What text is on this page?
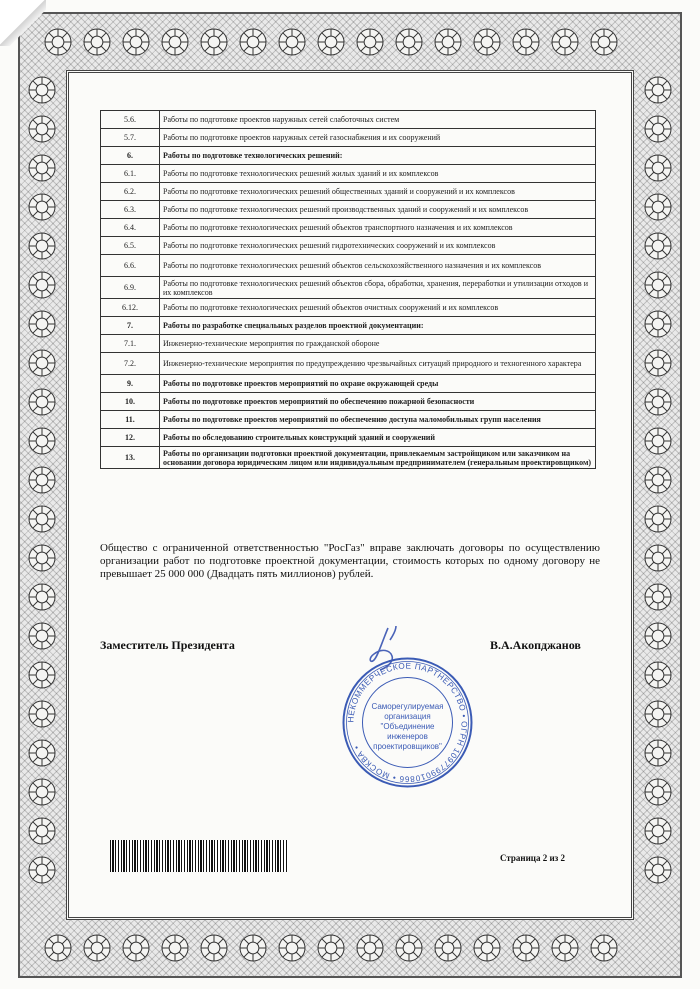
5.6.	Работы по подготовке проектов наружных сетей слаботочных систем
5.7.	Работы по подготовке проектов наружных сетей газоснабжения и их сооружений
6.	Работы по подготовке технологических решений:
6.1.	Работы по подготовке технологических решений жилых зданий и их комплексов
6.2.	Работы по подготовке технологических решений общественных зданий и сооружений и их комплексов
6.3.	Работы по подготовке технологических решений производственных зданий и сооружений и их комплексов
6.4.	Работы по подготовке технологических решений объектов транспортного назначения и их комплексов
6.5.	Работы по подготовке технологических решений гидротехнических сооружений и их комплексов
6.6.	Работы по подготовке технологических решений объектов сельскохозяйственного назначения и их комплексов
6.9.	Работы по подготовке технологических решений объектов сбора, обработки, хранения, переработки и утилизации отходов и их комплексов
6.12.	Работы по подготовке технологических решений объектов очистных сооружений и их комплексов
7.	Работы по разработке специальных разделов проектной документации:
7.1.	Инженерно-технические мероприятия по гражданской обороне
7.2.	Инженерно-технические мероприятия по предупреждению чрезвычайных ситуаций природного и техногенного характера
9.	Работы по подготовке проектов мероприятий по охране окружающей среды
10.	Работы по подготовке проектов мероприятий по обеспечению пожарной безопасности
11.	Работы по подготовке проектов мероприятий по обеспечению доступа маломобильных групп населения
12.	Работы по обследованию строительных конструкций зданий и сооружений
13.	Работы по организации подготовки проектной документации, привлекаемым застройщиком или заказчиком на основании договора юридическим лицом или индивидуальным предпринимателем (генеральным проектировщиком)
Общество с ограниченной ответственностью "РосГаз" вправе заключать договоры по осуществлению организации работ по подготовке проектной документации, стоимость которых по одному договору не превышает 25 000 000 (Двадцать пять миллионов) рублей.
Заместитель Президента	В.А.Акопджанов
НЕКОММЕРЧЕСКОЕ ПАРТНЕРСТВО • ОГРН 1097799010866 • МОСКВА •
Саморегулируемая
организация
"Объединение
инженеров
проектировщиков"
Страница 2 из 2
